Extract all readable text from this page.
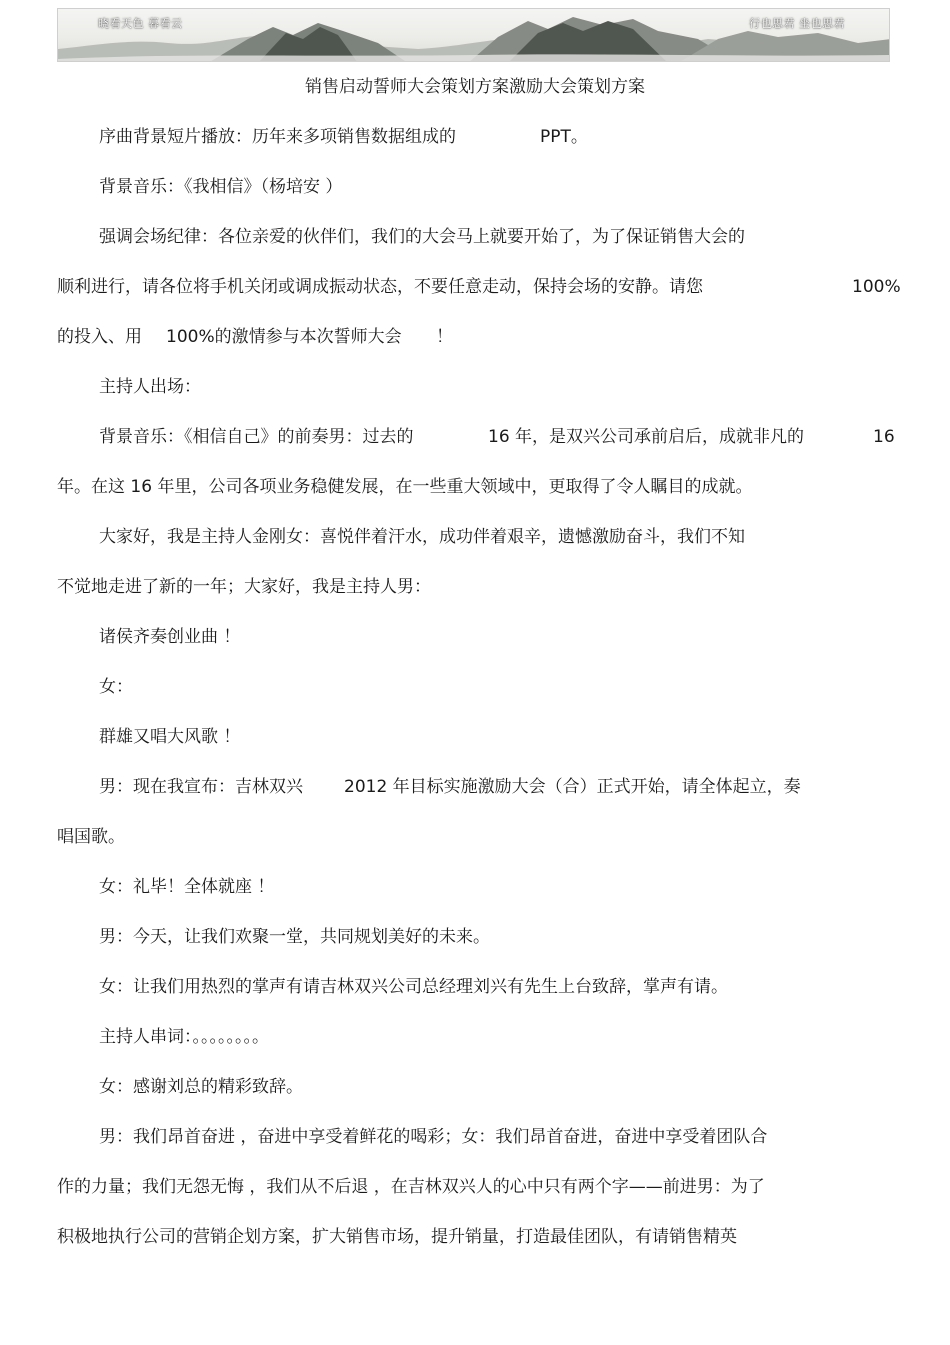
晓看天色 暮看云	行也思君 坐也思君
销售启动誓师大会策划方案激励大会策划方案
序曲背景短片播放：历年来多项销售数据组成的	PPT。
背景音乐：《我相信》（杨培安 ）
强调会场纪律：各位亲爱的伙伴们，我们的大会马上就要开始了，为了保证销售大会的
顺利进行，请各位将手机关闭或调成振动状态，不要任意走动，保持会场的安静。请您	100%
的投入、用 100%的激情参与本次誓师大会 ！
主持人出场：
背景音乐：《相信自己》的前奏男：过去的	16 年，是双兴公司承前启后，成就非凡的	16
年。在这 16 年里，公司各项业务稳健发展，在一些重大领域中，更取得了令人瞩目的成就。
大家好，我是主持人金刚女：喜悦伴着汗水，成功伴着艰辛，遗憾激励奋斗，我们不知
不觉地走进了新的一年；大家好，我是主持人男：
诸侯齐奏创业曲 ！
女：
群雄又唱大风歌 ！
男：现在我宣布：吉林双兴 2012 年目标实施激励大会（合）正式开始，请全体起立，奏
唱国歌。
女：礼毕！全体就座 ！
男：今天，让我们欢聚一堂，共同规划美好的未来。
女：让我们用热烈的掌声有请吉林双兴公司总经理刘兴有先生上台致辞，掌声有请。
主持人串词：。。。。。。。。
女：感谢刘总的精彩致辞。
男：我们昂首奋进 ，奋进中享受着鲜花的喝彩；女：我们昂首奋进，奋进中享受着团队合
作的力量；我们无怨无悔 ，我们从不后退 ，在吉林双兴人的心中只有两个字——前进男：为了
积极地执行公司的营销企划方案，扩大销售市场，提升销量，打造最佳团队，有请销售精英
